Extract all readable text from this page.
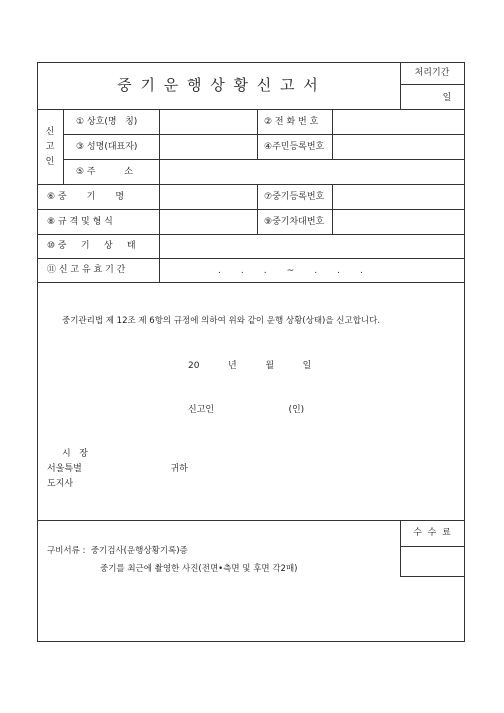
중 기 운 행 상 황 신 고 서
처리기간
일
신
고
인
① 상호(명   칭)	② 전 화 번 호
③ 성명(대표자)	④주민등록번호
⑤ 주          소
⑥ 중       기       명	⑦중기등록번호
⑧ 규 격 및 형 식	⑨중기차대번호
⑩ 중     기     상     태
⑪ 신 고 유 효 기 간	.       .       .       ~       .       .       .
중기관리법 제 12조 제 6항의 규정에 의하여 위와 같이 운행 상황(상태)을 신고합니다.
20          년          월          일
신고인                          (인)
시   장
서울특별                               귀하
도지사
구비서류 :  중기검사(운행상황기록)증
중기를 최근에 촬영한 사진(전면•측면 및 후면 각2매)
수  수  료
